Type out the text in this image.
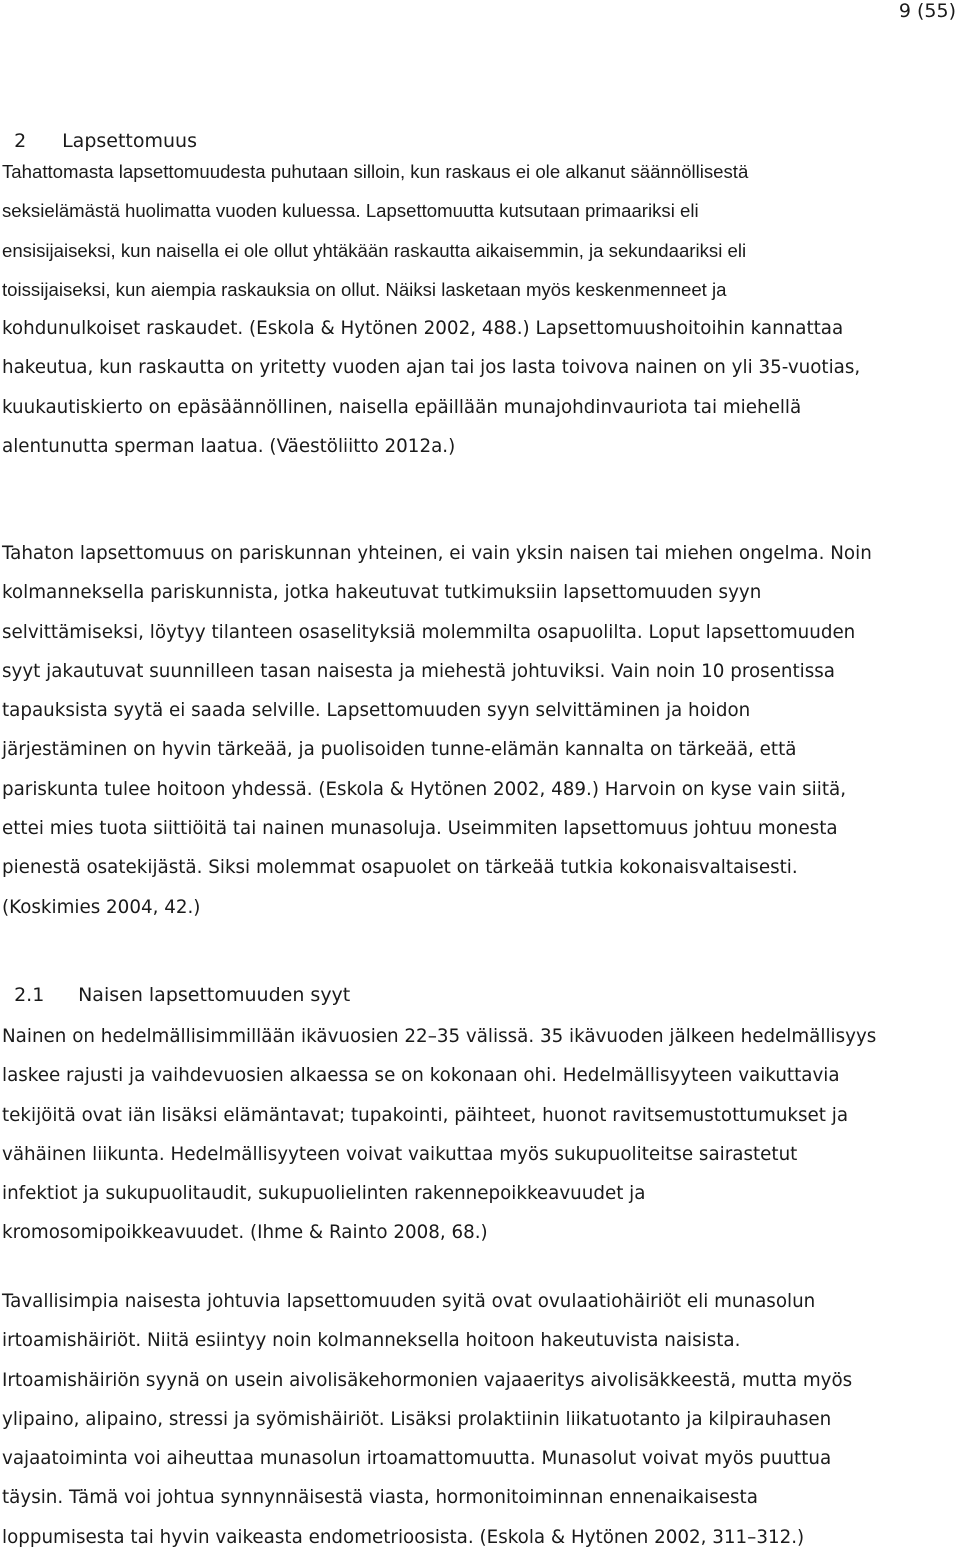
9 (55)

2 Lapsettomuus

Tahattomasta lapsettomuudesta puhutaan silloin, kun raskaus ei ole alkanut säännöllisestä
seksielämästä huolimatta vuoden kuluessa. Lapsettomuutta kutsutaan primaariksi eli
ensisijaiseksi, kun naisella ei ole ollut yhtäkään raskautta aikaisemmin, ja sekundaariksi eli
toissijaiseksi, kun aiempia raskauksia on ollut. Näiksi lasketaan myös keskenmenneet ja
kohdunulkoiset raskaudet. (Eskola & Hytönen 2002, 488.) Lapsettomuushoitoihin kannattaa
hakeutua, kun raskautta on yritetty vuoden ajan tai jos lasta toivova nainen on yli 35-vuotias,
kuukautiskierto on epäsäännöllinen, naisella epäillään munajohdinvauriota tai miehellä
alentunutta sperman laatua. (Väestöliitto 2012a.)
Tahaton lapsettomuus on pariskunnan yhteinen, ei vain yksin naisen tai miehen ongelma. Noin
kolmanneksella pariskunnista, jotka hakeutuvat tutkimuksiin lapsettomuuden syyn
selvittämiseksi, löytyy tilanteen osaselityksiä molemmilta osapuolilta. Loput lapsettomuuden
syyt jakautuvat suunnilleen tasan naisesta ja miehestä johtuviksi. Vain noin 10 prosentissa
tapauksista syytä ei saada selville. Lapsettomuuden syyn selvittäminen ja hoidon
järjestäminen on hyvin tärkeää, ja puolisoiden tunne-elämän kannalta on tärkeää, että
pariskunta tulee hoitoon yhdessä. (Eskola & Hytönen 2002, 489.) Harvoin on kyse vain siitä,
ettei mies tuota siittiöitä tai nainen munasoluja. Useimmiten lapsettomuus johtuu monesta
pienestä osatekijästä. Siksi molemmat osapuolet on tärkeää tutkia kokonaisvaltaisesti.
(Koskimies 2004, 42.)

2.1 Naisen lapsettomuuden syyt

Nainen on hedelmällisimmillään ikävuosien 22–35 välissä. 35 ikävuoden jälkeen hedelmällisyys
laskee rajusti ja vaihdevuosien alkaessa se on kokonaan ohi. Hedelmällisyyteen vaikuttavia
tekijöitä ovat iän lisäksi elämäntavat; tupakointi, päihteet, huonot ravitsemustottumukset ja
vähäinen liikunta. Hedelmällisyyteen voivat vaikuttaa myös sukupuoliteitse sairastetut
infektiot ja sukupuolitaudit, sukupuolielinten rakennepoikkeavuudet ja
kromosomipoikkeavuudet. (Ihme & Rainto 2008, 68.)
Tavallisimpia naisesta johtuvia lapsettomuuden syitä ovat ovulaatiohäiriöt eli munasolun
irtoamishäiriöt. Niitä esiintyy noin kolmanneksella hoitoon hakeutuvista naisista.
Irtoamishäiriön syynä on usein aivolisäkehormonien vajaaeritys aivolisäkkeestä, mutta myös
ylipaino, alipaino, stressi ja syömishäiriöt. Lisäksi prolaktiinin liikatuotanto ja kilpirauhasen
vajaatoiminta voi aiheuttaa munasolun irtoamattomuutta. Munasolut voivat myös puuttua
täysin. Tämä voi johtua synnynnäisestä viasta, hormonitoiminnan ennenaikaisesta
loppumisesta tai hyvin vaikeasta endometrioosista. (Eskola & Hytönen 2002, 311–312.)
